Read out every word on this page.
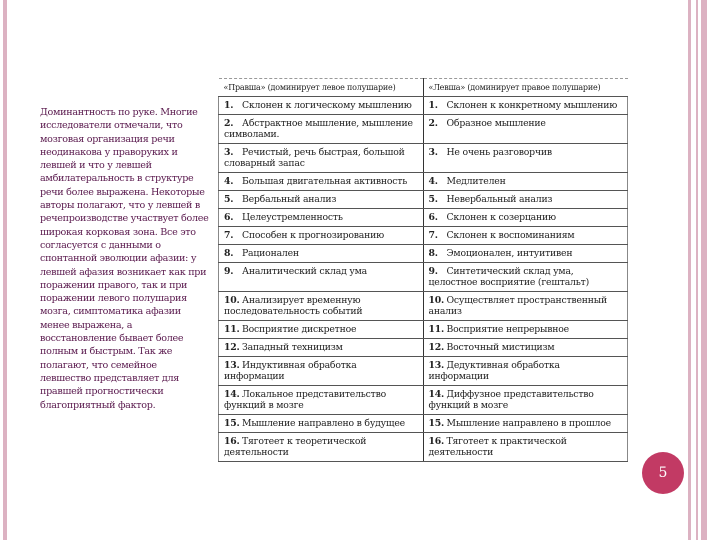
Доминантность по руке. Многие исследователи отмечали, что мозговая организация речи неодинакова у праворуких и левшей и что у левшей амбилатеральность в структуре речи более выражена. Некоторые авторы полагают, что у левшей в речепроизводстве участвует более широкая корковая зона. Все это согласуется с данными о спонтанной эволюции афазии: у левшей афазия возникает как при поражении правого, так и при поражении левого полушария мозга, симптоматика афазии менее выражена, а восстановление бывает более полным и быстрым. Так же полагают, что семейное левшество представляет для правшей прогностически благоприятный фактор.
«Правша» (доминирует левое полушарие)	«Левша» (доминирует правое полушарие)
1. Склонен к логическому мышлению	1. Склонен к конкретному мышлению
2. Абстрактное мышление, мышление символами.	2. Образное мышление
3. Речистый, речь быстрая, большой словарный запас	3. Не очень разговорчив
4. Большая двигательная активность	4. Медлителен
5. Вербальный анализ	5. Невербальный анализ
6. Целеустремленность	6. Склонен к созерцанию
7. Способен к прогнозированию	7. Склонен к воспоминаниям
8. Рационален	8. Эмоционален, интуитивен
9. Аналитический склад ума	9. Синтетический склад ума, целостное восприятие (гештальт)
10. Анализирует временную последовательность событий	10. Осуществляет пространственный анализ
11. Восприятие дискретное	11. Восприятие непрерывное
12. Западный техницизм	12. Восточный мистицизм
13. Индуктивная обработка информации	13. Дедуктивная обработка информации
14. Локальное представительство функций в мозге	14. Диффузное представительство функций в мозге
15. Мышление направлено в будущее	15. Мышление направлено в прошлое
16. Тяготеет к теоретической деятельности	16. Тяготеет к практической деятельности
5
